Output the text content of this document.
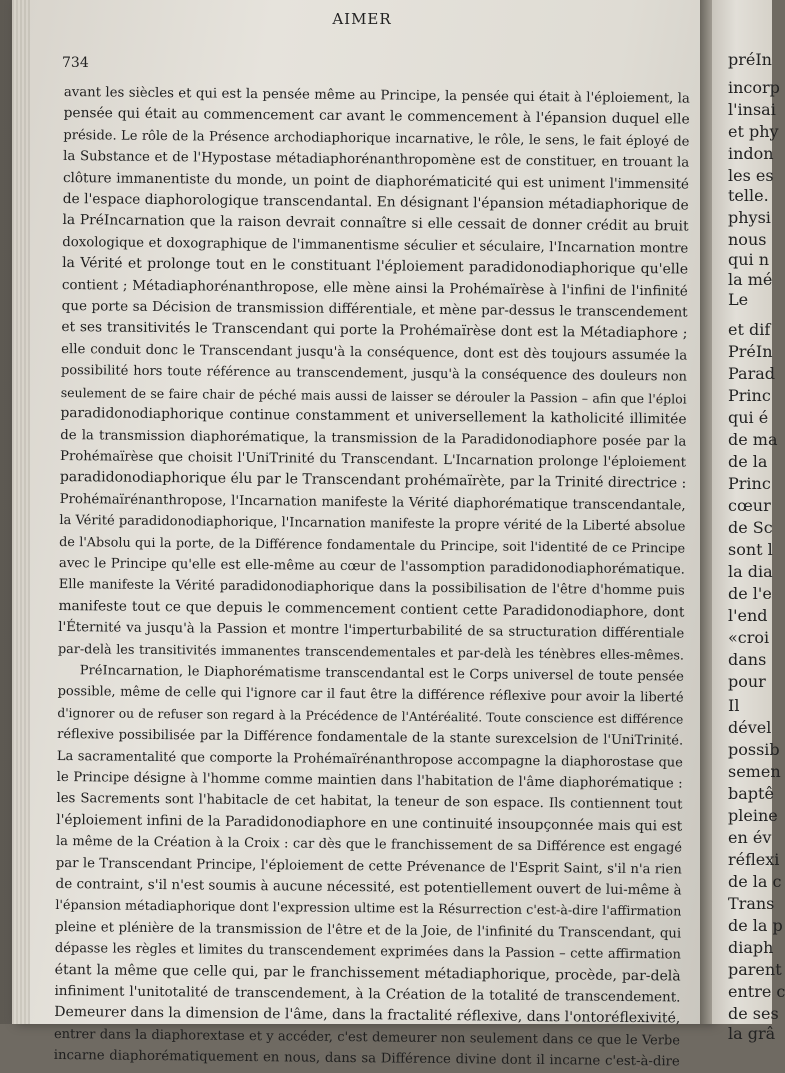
AIMER
734
avant les siècles et qui est la pensée même au Principe, la pensée qui était à l'éploiement, la
pensée qui était au commencement car avant le commencement à l'épansion duquel elle
préside. Le rôle de la Présence archodiaphorique incarnative, le rôle, le sens, le fait éployé de
la Substance et de l'Hypostase métadiaphorénanthropomène est de constituer, en trouant la
clôture immanentiste du monde, un point de diaphorématicité qui est uniment l'immensité
de l'espace diaphorologique transcendantal. En désignant l'épansion métadiaphorique de
la PréIncarnation que la raison devrait connaître si elle cessait de donner crédit au bruit
doxologique et doxographique de l'immanentisme séculier et séculaire, l'Incarnation montre
la Vérité et prolonge tout en le constituant l'éploiement paradidonodiaphorique qu'elle
contient ; Métadiaphorénanthropose, elle mène ainsi la Prohémaïrèse à l'infini de l'infinité
que porte sa Décision de transmission différentiale, et mène par-dessus le transcendement
et ses transitivités le Transcendant qui porte la Prohémaïrèse dont est la Métadiaphore ;
elle conduit donc le Transcendant jusqu'à la conséquence, dont est dès toujours assumée la
possibilité hors toute référence au transcendement, jusqu'à la conséquence des douleurs non
seulement de se faire chair de péché mais aussi de laisser se dérouler la Passion – afin que l'éploi
paradidonodiaphorique continue constamment et universellement la katholicité illimitée
de la transmission diaphorématique, la transmission de la Paradidonodiaphore posée par la
Prohémaïrèse que choisit l'UniTrinité du Transcendant. L'Incarnation prolonge l'éploiement
paradidonodiaphorique élu par le Transcendant prohémaïrète, par la Trinité directrice :
Prohémaïrénanthropose, l'Incarnation manifeste la Vérité diaphorématique transcendantale,
la Vérité paradidonodiaphorique, l'Incarnation manifeste la propre vérité de la Liberté absolue
de l'Absolu qui la porte, de la Différence fondamentale du Principe, soit l'identité de ce Principe
avec le Principe qu'elle est elle-même au cœur de l'assomption paradidonodiaphorématique.
Elle manifeste la Vérité paradidonodiaphorique dans la possibilisation de l'être d'homme puis
manifeste tout ce que depuis le commencement contient cette Paradidonodiaphore, dont
l'Éternité va jusqu'à la Passion et montre l'imperturbabilité de sa structuration différentiale
par-delà les transitivités immanentes transcendementales et par-delà les ténèbres elles-mêmes.
PréIncarnation, le Diaphorématisme transcendantal est le Corps universel de toute pensée
possible, même de celle qui l'ignore car il faut être la différence réflexive pour avoir la liberté
d'ignorer ou de refuser son regard à la Précédence de l'Antéréalité. Toute conscience est différence
réflexive possibilisée par la Différence fondamentale de la stante surexcelsion de l'UniTrinité.
La sacramentalité que comporte la Prohémaïrénanthropose accompagne la diaphorostase que
le Principe désigne à l'homme comme maintien dans l'habitation de l'âme diaphorématique :
les Sacrements sont l'habitacle de cet habitat, la teneur de son espace. Ils contiennent tout
l'éploiement infini de la Paradidonodiaphore en une continuité insoupçonnée mais qui est
la même de la Création à la Croix : car dès que le franchissement de sa Différence est engagé
par le Transcendant Principe, l'éploiement de cette Prévenance de l'Esprit Saint, s'il n'a rien
de contraint, s'il n'est soumis à aucune nécessité, est potentiellement ouvert de lui-même à
l'épansion métadiaphorique dont l'expression ultime est la Résurrection c'est-à-dire l'affirmation
pleine et plénière de la transmission de l'être et de la Joie, de l'infinité du Transcendant, qui
dépasse les règles et limites du transcendement exprimées dans la Passion – cette affirmation
étant la même que celle qui, par le franchissement métadiaphorique, procède, par-delà
infiniment l'unitotalité de transcendement, à la Création de la totalité de transcendement.
Demeurer dans la dimension de l'âme, dans la fractalité réflexive, dans l'ontoréflexivité,
entrer dans la diaphorextase et y accéder, c'est demeurer non seulement dans ce que le Verbe
incarne diaphorématiquement en nous, dans sa Différence divine dont il incarne c'est-à-dire
préIn
incorp
l'insai
et phy
indon
les es
telle.
physi
nous
qui n
la mé
Le
et dif
PréIn
Parad
Princ
qui é
de ma
de la
Princ
cœur
de Sc
sont l
la dia
de l'e
l'end
«croi
dans
pour
Il
dével
possib
semen
baptê
pleine
en év
réflexi
de la c
Trans
de la p
diaph
parent
entre c
de ses
la grâ
